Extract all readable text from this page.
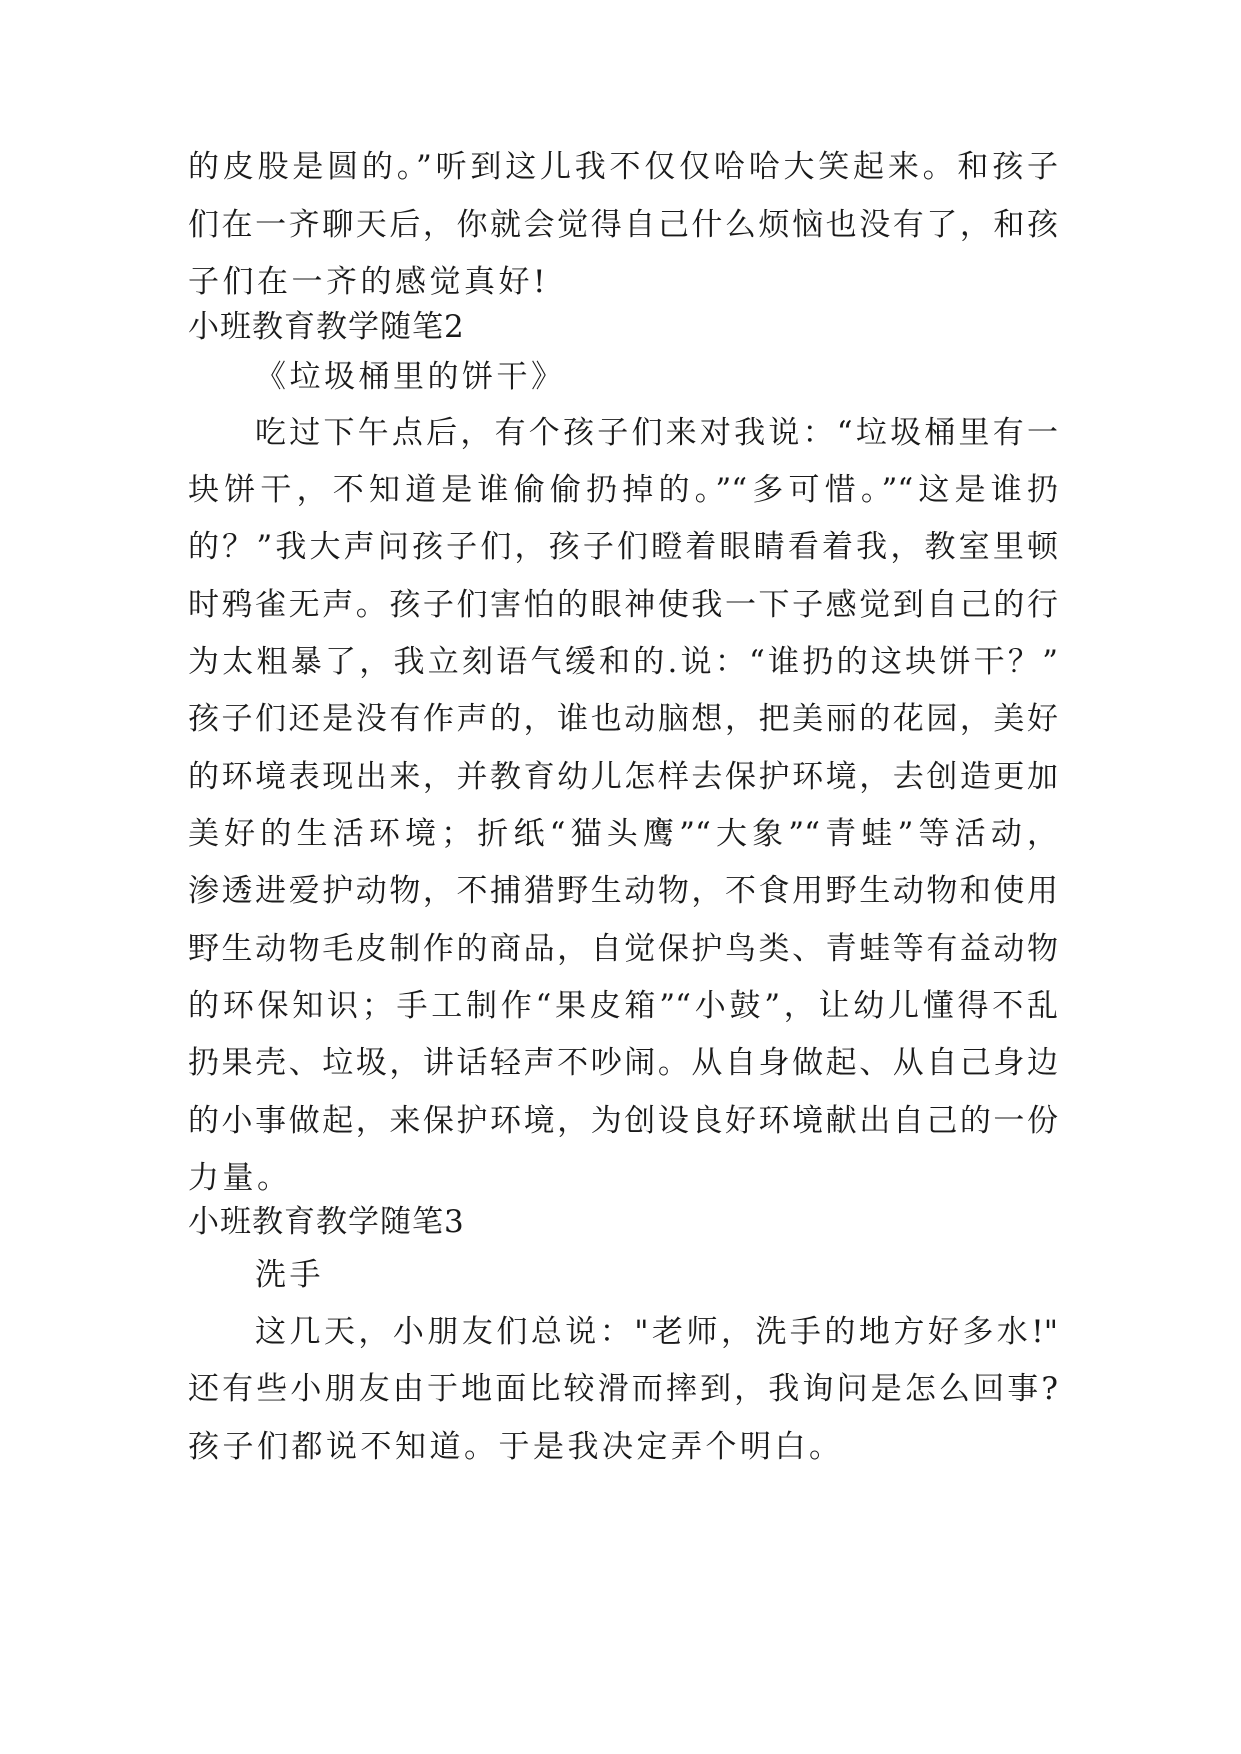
的皮股是圆的。”听到这儿我不仅仅哈哈大笑起来。和孩子
们在一齐聊天后，你就会觉得自己什么烦恼也没有了，和孩
子们在一齐的感觉真好!
小班教育教学随笔2
《垃圾桶里的饼干》
吃过下午点后，有个孩子们来对我说：“垃圾桶里有一
块饼干，不知道是谁偷偷扔掉的。”“多可惜。”“这是谁扔
的？”我大声问孩子们，孩子们瞪着眼睛看着我，教室里顿
时鸦雀无声。孩子们害怕的眼神使我一下子感觉到自己的行
为太粗暴了，我立刻语气缓和的.说：“谁扔的这块饼干？”
孩子们还是没有作声的，谁也动脑想，把美丽的花园，美好
的环境表现出来，并教育幼儿怎样去保护环境，去创造更加
美好的生活环境；折纸“猫头鹰”“大象”“青蛙”等活动，
渗透进爱护动物，不捕猎野生动物，不食用野生动物和使用
野生动物毛皮制作的商品，自觉保护鸟类、青蛙等有益动物
的环保知识；手工制作“果皮箱”“小鼓”，让幼儿懂得不乱
扔果壳、垃圾，讲话轻声不吵闹。从自身做起、从自己身边
的小事做起，来保护环境，为创设良好环境献出自己的一份
力量。
小班教育教学随笔3
洗手
这几天，小朋友们总说："老师，洗手的地方好多水!"
还有些小朋友由于地面比较滑而摔到，我询问是怎么回事?
孩子们都说不知道。于是我决定弄个明白。
